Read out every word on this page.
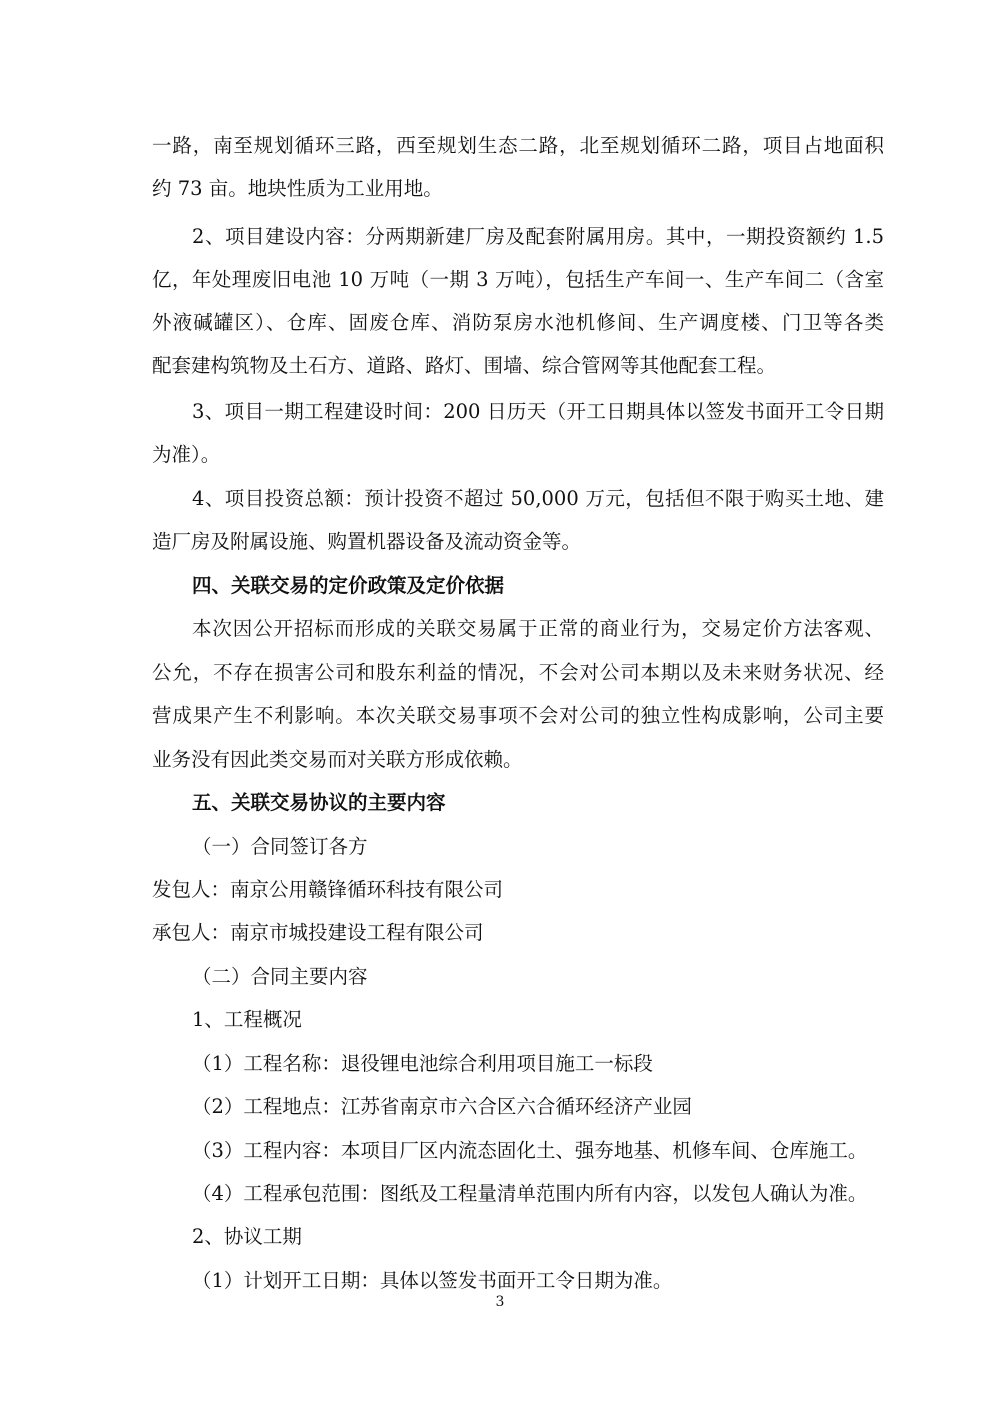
一路，南至规划循环三路，西至规划生态二路，北至规划循环二路，项目占地面积
约 73 亩。地块性质为工业用地。
2、项目建设内容：分两期新建厂房及配套附属用房。其中，一期投资额约 1.5
亿，年处理废旧电池 10 万吨（一期 3 万吨），包括生产车间一、生产车间二（含室
外液碱罐区）、仓库、固废仓库、消防泵房水池机修间、生产调度楼、门卫等各类
配套建构筑物及土石方、道路、路灯、围墙、综合管网等其他配套工程。
3、项目一期工程建设时间：200 日历天（开工日期具体以签发书面开工令日期
为准）。
4、项目投资总额：预计投资不超过 50,000 万元，包括但不限于购买土地、建
造厂房及附属设施、购置机器设备及流动资金等。
四、关联交易的定价政策及定价依据
本次因公开招标而形成的关联交易属于正常的商业行为，交易定价方法客观、
公允，不存在损害公司和股东利益的情况，不会对公司本期以及未来财务状况、经
营成果产生不利影响。本次关联交易事项不会对公司的独立性构成影响，公司主要
业务没有因此类交易而对关联方形成依赖。
五、关联交易协议的主要内容
（一）合同签订各方
发包人：南京公用赣锋循环科技有限公司
承包人：南京市城投建设工程有限公司
（二）合同主要内容
1、工程概况
（1）工程名称：退役锂电池综合利用项目施工一标段
（2）工程地点：江苏省南京市六合区六合循环经济产业园
（3）工程内容：本项目厂区内流态固化土、强夯地基、机修车间、仓库施工。
（4）工程承包范围：图纸及工程量清单范围内所有内容，以发包人确认为准。
2、协议工期
（1）计划开工日期：具体以签发书面开工令日期为准。
3
